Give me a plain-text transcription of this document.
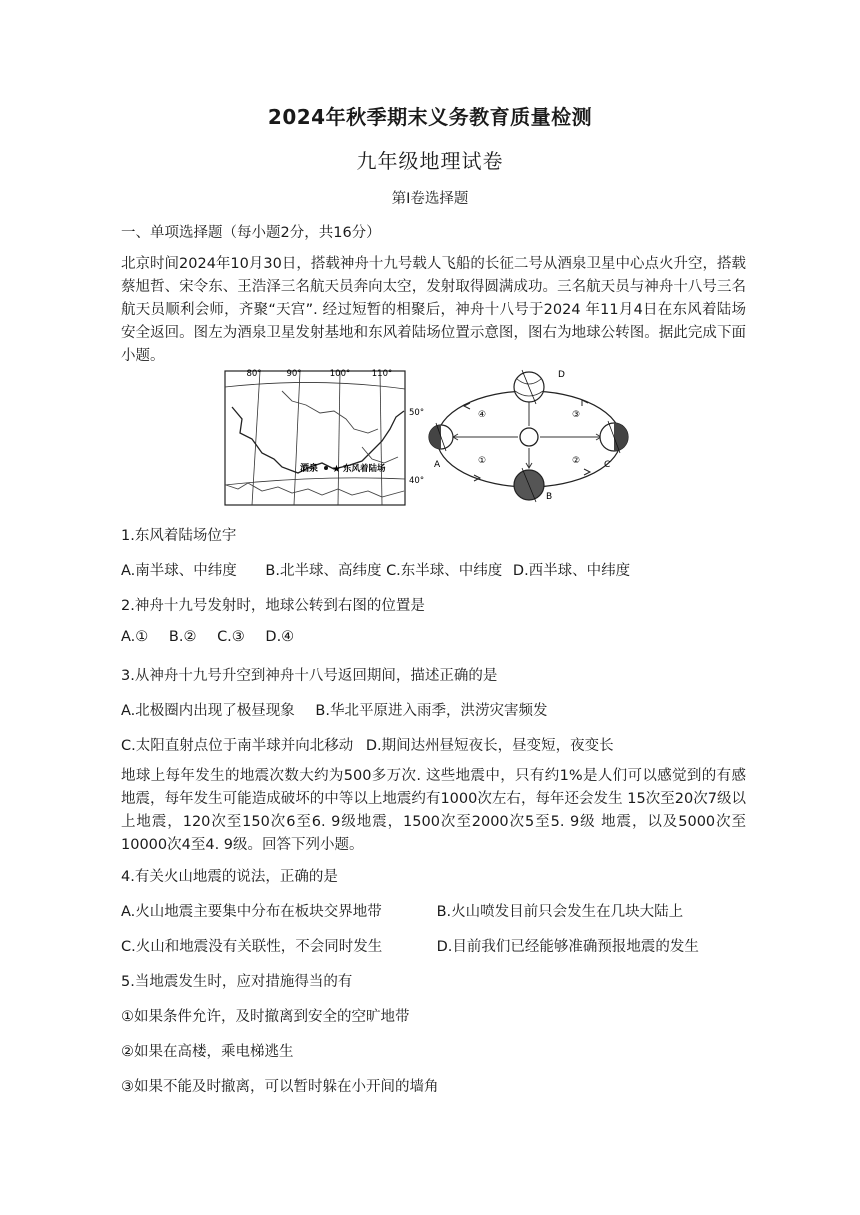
2024年秋季期末义务教育质量检测
九年级地理试卷
第Ⅰ卷选择题
一、单项选择题（每小题2分，共16分）
北京时间2024年10月30日，搭载神舟十九号载人飞船的长征二号从酒泉卫星中心点火升空，搭载蔡旭哲、宋令东、王浩泽三名航天员奔向太空，发射取得圆满成功。三名航天员与神舟十八号三名航天员顺利会师，齐聚“天宫”. 经过短暂的相聚后，神舟十八号于2024 年11月4日在东风着陆场安全返回。图左为酒泉卫星发射基地和东风着陆场位置示意图，图右为地球公转图。据此完成下面小题。
80°	90°	100°	110°
50°
40°
酒泉 ★ 东风着陆场	A
B
C
D
①	②
③
④
1.东风着陆场位宇
A.南半球、中纬度 B.北半球、高纬度 C.东半球、中纬度 D.西半球、中纬度
2.神舟十九号发射时，地球公转到右图的位置是
A.① B.② C.③ D.④
3.从神舟十九号升空到神舟十八号返回期间，描述正确的是
A.北极圈内出现了极昼现象 B.华北平原进入雨季，洪涝灾害频发
C.太阳直射点位于南半球并向北移动 D.期间达州昼短夜长，昼变短，夜变长
地球上每年发生的地震次数大约为500多万次. 这些地震中，只有约1%是人们可以感觉到的有感地震，每年发生可能造成破坏的中等以上地震约有1000次左右，每年还会发生 15次至20次7级以上地震，120次至150次6至6. 9级地震，1500次至2000次5至5. 9级 地震，以及5000次至10000次4至4. 9级。回答下列小题。
4.有关火山地震的说法，正确的是
A.火山地震主要集中分布在板块交界地带	B.火山喷发目前只会发生在几块大陆上
C.火山和地震没有关联性，不会同时发生	D.目前我们已经能够准确预报地震的发生
5.当地震发生时，应对措施得当的有
①如果条件允许，及时撤离到安全的空旷地带
②如果在高楼，乘电梯逃生
③如果不能及时撤离，可以暂时躲在小开间的墙角
